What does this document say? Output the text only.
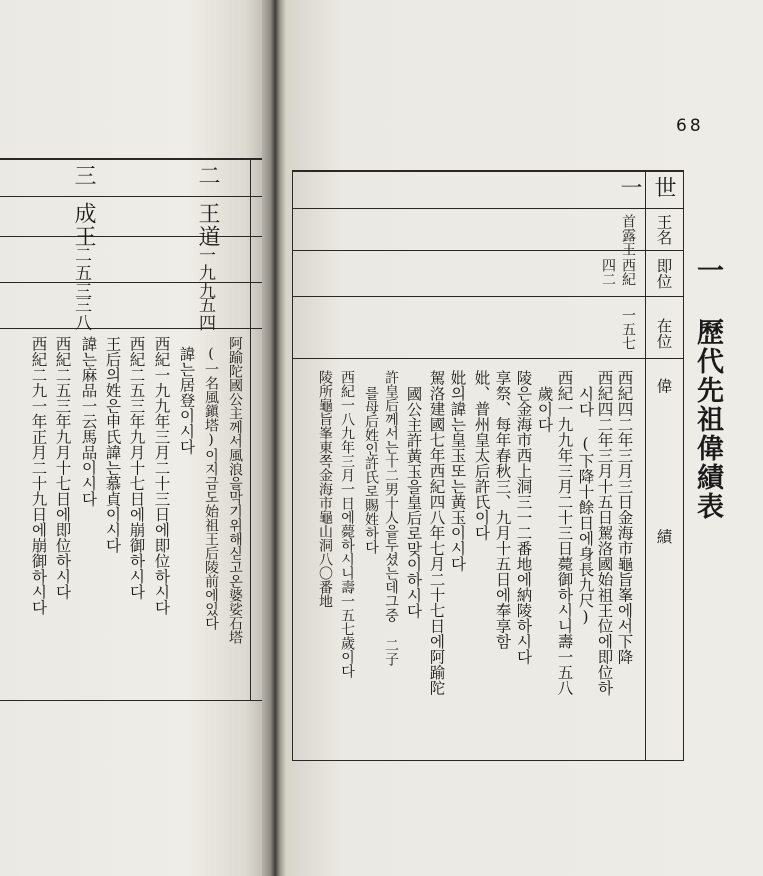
68
一 歷代先祖偉績表
世
王名
即位
在位
偉　　　　　　績
一
首露王
西紀
四二
一五七
西紀四二年三月三日金海市龜旨峯에서下降
西紀四二年三月十五日駕洛國始祖王位에即位하
시다 (下降十餘日에身長九尺)
西紀一九九年三月二十三日薨御하시니壽一五八
歲이다
陵은金海市西上洞三一二番地에納陵하시다
享祭、每年春秋三、九月十五日에奉享함
妣、普州皇太后許氏이다
妣의諱는皇玉또는黃玉이시다
駕洛建國七年西紀四八年七月二十七日에阿踰陀
國公主許黃玉을皇后로맞이하시다
許皇后께서는十二男十人을두셨는데그중 二子
를母后姓인許氏로賜姓하다
西紀一八九年三月一日에薨하시니壽一五七歲이다
陵所龜旨峯東쪽金海市龜山洞八〇番地
二
王道
一九九
五四
阿踰陀國公主께서風浪을막기위해싣고온婆娑石塔
(一名風鎭塔)이지금도始祖王后陵前에있다
諱는居登이시다
西紀一九九年三月二十三日에即位하시다
西紀二五三年九月十七日에崩御하시다
王后의姓은申氏諱는慕貞이시다
三
成王
二五三
三八
諱는麻品一云馬品이시다
西紀二五三年九月十七日에即位하시다
西紀二九一年正月二十九日에崩御하시다
